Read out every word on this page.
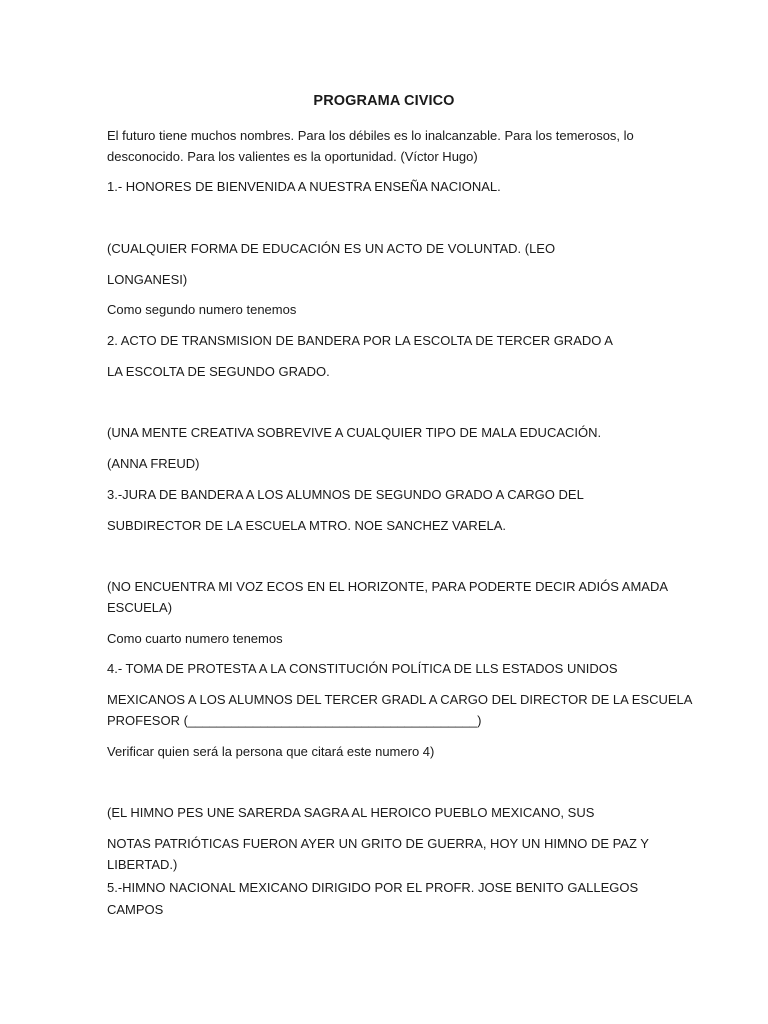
PROGRAMA CIVICO
El futuro tiene muchos nombres. Para los débiles es lo inalcanzable. Para los temerosos, lo
desconocido. Para los valientes es la oportunidad. (Víctor Hugo)
1.- HONORES DE BIENVENIDA A NUESTRA ENSEÑA NACIONAL.
(CUALQUIER FORMA DE EDUCACIÓN ES UN ACTO DE VOLUNTAD. (LEO
LONGANESI)
Como segundo numero tenemos
2. ACTO DE TRANSMISION DE BANDERA POR LA ESCOLTA DE TERCER GRADO A
LA ESCOLTA DE SEGUNDO GRADO.
(UNA MENTE CREATIVA SOBREVIVE A CUALQUIER TIPO DE MALA EDUCACIÓN.
(ANNA FREUD)
3.-JURA DE BANDERA A LOS ALUMNOS DE SEGUNDO GRADO A CARGO DEL
SUBDIRECTOR DE LA ESCUELA MTRO. NOE SANCHEZ VARELA.
(NO ENCUENTRA MI VOZ ECOS EN EL HORIZONTE, PARA PODERTE DECIR ADIÓS AMADA
ESCUELA)
Como cuarto numero tenemos
4.- TOMA DE PROTESTA A LA CONSTITUCIÓN POLÍTICA DE LLS ESTADOS UNIDOS
MEXICANOS A LOS ALUMNOS DEL TERCER GRADL A CARGO DEL DIRECTOR DE LA ESCUELA
PROFESOR (________________________________________)
Verificar quien será la persona que citará este numero 4)
(EL HIMNO PES UNE SARERDA SAGRA AL HEROICO PUEBLO MEXICANO, SUS
NOTAS PATRIÓTICAS FUERON AYER UN GRITO DE GUERRA, HOY UN HIMNO DE PAZ Y
LIBERTAD.)
5.-HIMNO NACIONAL MEXICANO DIRIGIDO POR EL PROFR. JOSE BENITO GALLEGOS
CAMPOS
